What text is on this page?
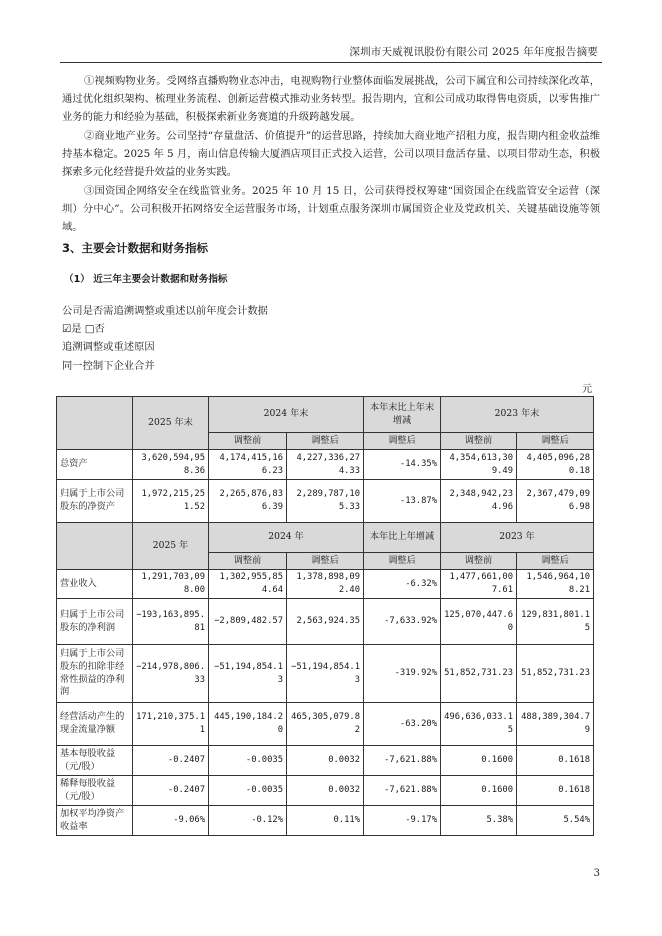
深圳市天威视讯股份有限公司 2025 年年度报告摘要

①视频购物业务。受网络直播购物业态冲击，电视购物行业整体面临发展挑战，公司下属宜和公司持续深化改革，通过优化组织架构、梳理业务流程、创新运营模式推动业务转型。报告期内，宜和公司成功取得售电资质，以零售推广业务的能力和经验为基础，积极探索新业务赛道的升级跨越发展。

②商业地产业务。公司坚持“存量盘活、价值提升”的运营思路，持续加大商业地产招租力度，报告期内租金收益维持基本稳定。2025 年 5 月，南山信息传输大厦酒店项目正式投入运营，公司以项目盘活存量、以项目带动生态，积极探索多元化经营提升效益的业务实践。

③国资国企网络安全在线监管业务。2025 年 10 月 15 日，公司获得授权筹建“国资国企在线监管安全运营（深圳）分中心”。公司积极开拓网络安全运营服务市场，计划重点服务深圳市属国资企业及党政机关、关键基础设施等领域。

3、主要会计数据和财务指标
（1） 近三年主要会计数据和财务指标
公司是否需追溯调整或重述以前年度会计数据
☑是 □否
追溯调整或重述原因
同一控制下企业合并
元
	2025 年末	2024 年末		本年末比上年末增减	2023 年末	
		调整前	调整后	调整后	调整前	调整后
总资产	3,620,594,958.36	4,174,415,166.23	4,227,336,274.33	-14.35%	4,354,613,309.49	4,405,096,280.18
归属于上市公司股东的净资产	1,972,215,251.52	2,265,876,836.39	2,289,787,105.33	-13.87%	2,348,942,234.96	2,367,479,096.98
	2025 年	2024 年		本年比上年增减	2023 年	
		调整前	调整后	调整后	调整前	调整后
营业收入	1,291,703,098.00	1,302,955,854.64	1,378,898,092.40	-6.32%	1,477,661,007.61	1,546,964,108.21
归属于上市公司股东的净利润	−193,163,895.81	−2,809,482.57	2,563,924.35	-7,633.92%	125,070,447.60	129,831,801.15
归属于上市公司股东的扣除非经常性损益的净利润	−214,978,806.33	−51,194,854.13	−51,194,854.13	-319.92%	51,852,731.23	51,852,731.23
经营活动产生的现金流量净额	171,210,375.11	445,190,184.20	465,305,079.82	-63.20%	496,636,033.15	488,389,304.79
基本每股收益（元/股）	-0.2407	-0.0035	0.0032	-7,621.88%	0.1600	0.1618
稀释每股收益（元/股）	-0.2407	-0.0035	0.0032	-7,621.88%	0.1600	0.1618
加权平均净资产收益率	-9.06%	-0.12%	0.11%	-9.17%	5.38%	5.54%
3
